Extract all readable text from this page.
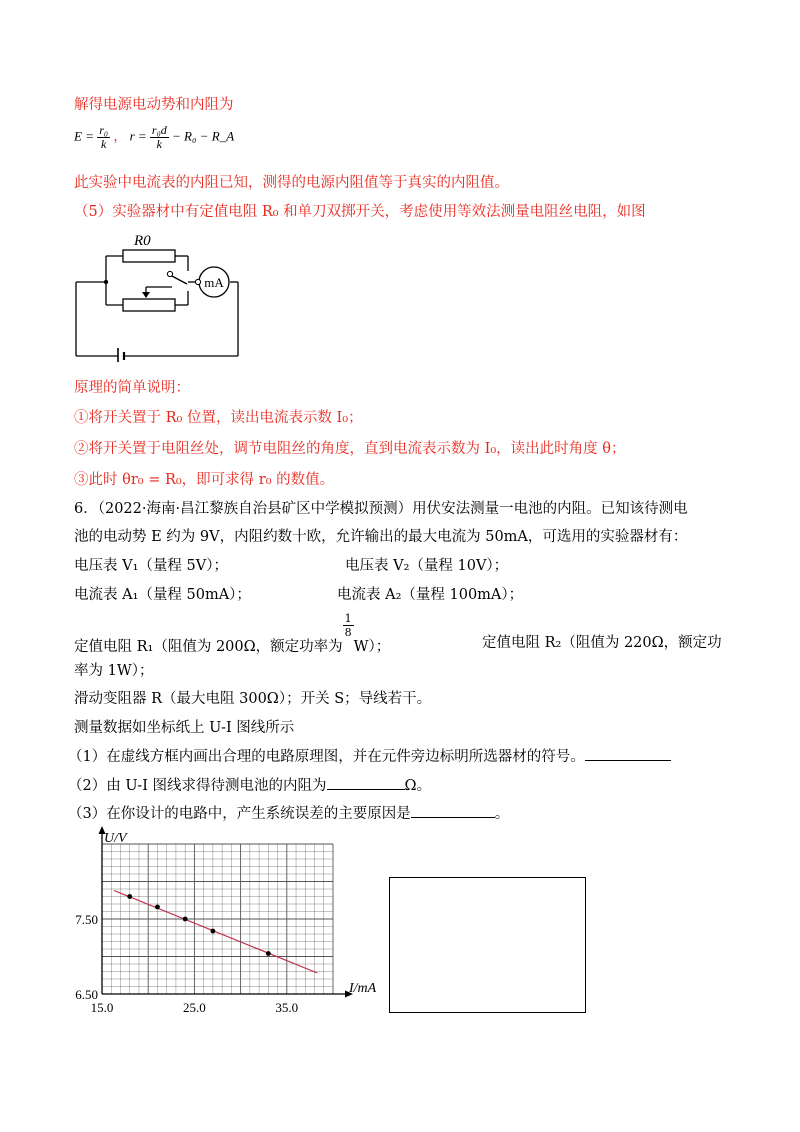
解得电源电动势和内阻为
$E = \frac{\text{r₀}}{k}$ ， $r = \frac{\text{r₀d}}{k} - R_0$ − R_A
此实验中电流表的内阻已知，测得的电源内阻值等于真实的内阻值。
（5）实验器材中有定值电阻 R₀ 和单刀双掷开关，考虑使用等效法测量电阻丝电阻，如图
R0
mA
原理的简单说明：
①将开关置于 R₀ 位置，读出电流表示数 I₀；
②将开关置于电阻丝处，调节电阻丝的角度，直到电流表示数为 I₀，读出此时角度 θ；
③此时 θr₀ = R₀，即可求得 r₀ 的数值。
6．（2022·海南·昌江黎族自治县矿区中学模拟预测）用伏安法测量一电池的内阻。已知该待测电
池的电动势 E 约为 9V，内阻约数十欧，允许输出的最大电流为 50mA，可选用的实验器材有：
电压表 V₁（量程 5V）；	电压表 V₂（量程 10V）；
电流表 A₁（量程 50mA）；	电流表 A₂（量程 100mA）；
定值电阻 R₁（阻值为 200Ω，额定功率为
$\frac{1}{8}$
W）；	定值电阻 R₂（阻值为 220Ω，额定功
率为 1W）；
滑动变阻器 R（最大电阻 300Ω）；开关 S；导线若干。
测量数据如坐标纸上 U-I 图线所示
（1）在虚线方框内画出合理的电路原理图，并在元件旁边标明所选器材的符号。
（2）由 U-I 图线求得待测电池的内阻为	Ω。
（3）在你设计的电路中，产生系统误差的主要原因是	。
15.0	25.0	35.0
6.50
7.50
I/mA
U/V
